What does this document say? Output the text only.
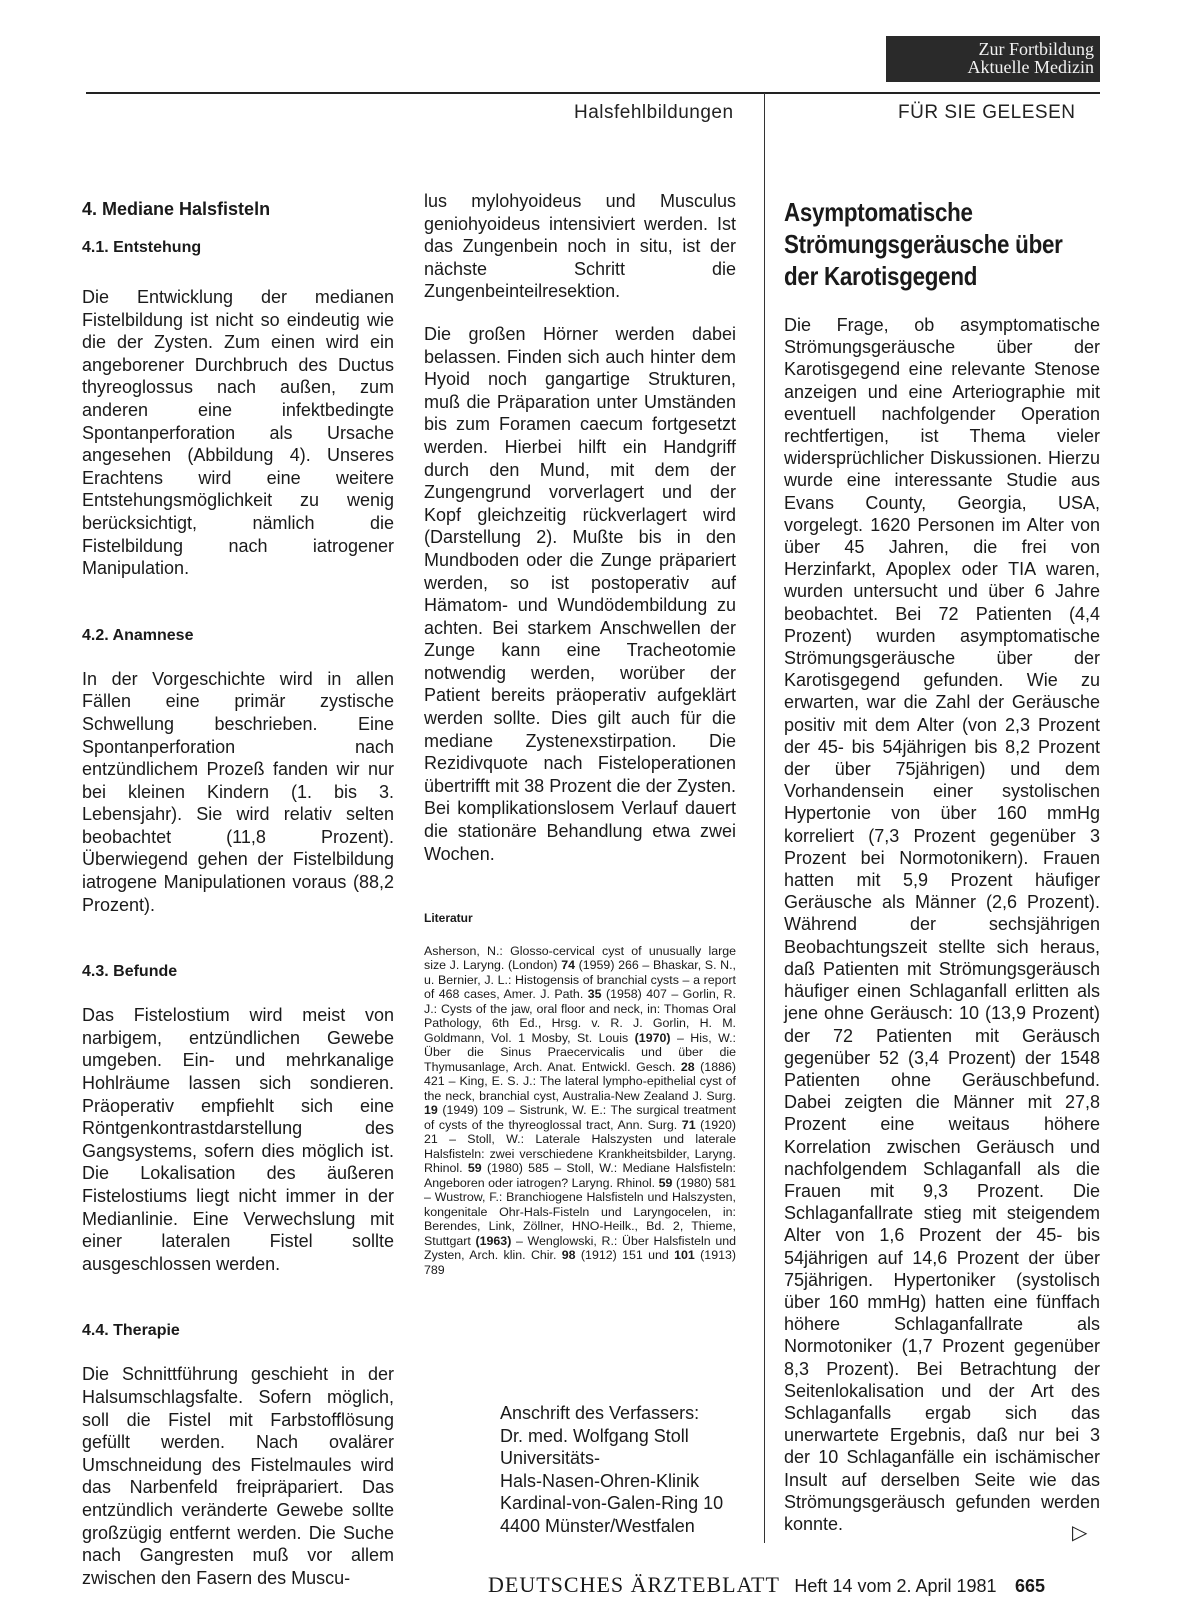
Zur Fortbildung
Aktuelle Medizin
Halsfehlbildungen	FÜR SIE GELESEN
4. Mediane Halsfisteln
4.1. Entstehung

Die Entwicklung der medianen Fistelbildung ist nicht so eindeutig wie die der Zysten. Zum einen wird ein angeborener Durchbruch des Ductus thyreoglossus nach außen, zum anderen eine infektbedingte Spontanperforation als Ursache angesehen (Abbildung 4). Unseres Erachtens wird eine weitere Entstehungsmöglichkeit zu wenig berücksichtigt, nämlich die Fistelbildung nach iatrogener Manipulation.

4.2. Anamnese

In der Vorgeschichte wird in allen Fällen eine primär zystische Schwellung beschrieben. Eine Spontanperforation nach entzündlichem Prozeß fanden wir nur bei kleinen Kindern (1. bis 3. Lebensjahr). Sie wird relativ selten beobachtet (11,8 Prozent). Überwiegend gehen der Fistelbildung iatrogene Manipulationen voraus (88,2 Prozent).

4.3. Befunde

Das Fistelostium wird meist von narbigem, entzündlichen Gewebe umgeben. Ein- und mehrkanalige Hohlräume lassen sich sondieren. Präoperativ empfiehlt sich eine Röntgenkontrastdarstellung des Gangsystems, sofern dies möglich ist. Die Lokalisation des äußeren Fistelostiums liegt nicht immer in der Medianlinie. Eine Verwechslung mit einer lateralen Fistel sollte ausgeschlossen werden.

4.4. Therapie

Die Schnittführung geschieht in der Halsumschlagsfalte. Sofern möglich, soll die Fistel mit Farbstofflösung gefüllt werden. Nach ovalärer Umschneidung des Fistelmaules wird das Narbenfeld freipräpariert. Das entzündlich veränderte Gewebe sollte großzügig entfernt werden. Die Suche nach Gangresten muß vor allem zwischen den Fasern des Muscu-

lus mylohyoideus und Musculus geniohyoideus intensiviert werden. Ist das Zungenbein noch in situ, ist der nächste Schritt die Zungenbeinteilresektion.

Die großen Hörner werden dabei belassen. Finden sich auch hinter dem Hyoid noch gangartige Strukturen, muß die Präparation unter Umständen bis zum Foramen caecum fortgesetzt werden. Hierbei hilft ein Handgriff durch den Mund, mit dem der Zungengrund vorverlagert und der Kopf gleichzeitig rückverlagert wird (Darstellung 2). Mußte bis in den Mundboden oder die Zunge präpariert werden, so ist postoperativ auf Hämatom- und Wundödembildung zu achten. Bei starkem Anschwellen der Zunge kann eine Tracheotomie notwendig werden, worüber der Patient bereits präoperativ aufgeklärt werden sollte. Dies gilt auch für die mediane Zystenexstirpation. Die Rezidivquote nach Fisteloperationen übertrifft mit 38 Prozent die der Zysten. Bei komplikationslosem Verlauf dauert die stationäre Behandlung etwa zwei Wochen.

Literatur
Asherson, N.: Glosso-cervical cyst of unusually large size J. Laryng. (London) 74 (1959) 266 – Bhaskar, S. N., u. Bernier, J. L.: Histogensis of branchial cysts – a report of 468 cases, Amer. J. Path. 35 (1958) 407 – Gorlin, R. J.: Cysts of the jaw, oral floor and neck, in: Thomas Oral Pathology, 6th Ed., Hrsg. v. R. J. Gorlin, H. M. Goldmann, Vol. 1 Mosby, St. Louis (1970) – His, W.: Über die Sinus Praecervicalis und über die Thymusanlage, Arch. Anat. Entwickl. Gesch. 28 (1886) 421 – King, E. S. J.: The lateral lympho-epithelial cyst of the neck, branchial cyst, Australia-New Zealand J. Surg. 19 (1949) 109 – Sistrunk, W. E.: The surgical treatment of cysts of the thyreoglossal tract, Ann. Surg. 71 (1920) 21 – Stoll, W.: Laterale Halszysten und laterale Halsfisteln: zwei verschiedene Krankheitsbilder, Laryng. Rhinol. 59 (1980) 585 – Stoll, W.: Mediane Halsfisteln: Angeboren oder iatrogen? Laryng. Rhinol. 59 (1980) 581 – Wustrow, F.: Branchiogene Halsfisteln und Halszysten, kongenitale Ohr-Hals-Fisteln und Laryngocelen, in: Berendes, Link, Zöllner, HNO-Heilk., Bd. 2, Thieme, Stuttgart (1963) – Wenglowski, R.: Über Halsfisteln und Zysten, Arch. klin. Chir. 98 (1912) 151 und 101 (1913) 789
Anschrift des Verfassers:
Dr. med. Wolfgang Stoll
Universitäts-
Hals-Nasen-Ohren-Klinik
Kardinal-von-Galen-Ring 10
4400 Münster/Westfalen

Asymptomatische

Strömungsgeräusche über

der Karotisgegend

Die Frage, ob asymptomatische Strömungsgeräusche über der Karotisgegend eine relevante Stenose anzeigen und eine Arteriographie mit eventuell nachfolgender Operation rechtfertigen, ist Thema vieler widersprüchlicher Diskussionen. Hierzu wurde eine interessante Studie aus Evans County, Georgia, USA, vorgelegt. 1620 Personen im Alter von über 45 Jahren, die frei von Herzinfarkt, Apoplex oder TIA waren, wurden untersucht und über 6 Jahre beobachtet. Bei 72 Patienten (4,4 Prozent) wurden asymptomatische Strömungsgeräusche über der Karotisgegend gefunden. Wie zu erwarten, war die Zahl der Geräusche positiv mit dem Alter (von 2,3 Prozent der 45- bis 54jährigen bis 8,2 Prozent der über 75jährigen) und dem Vorhandensein einer systolischen Hypertonie von über 160 mmHg korreliert (7,3 Prozent gegenüber 3 Prozent bei Normotonikern). Frauen hatten mit 5,9 Prozent häufiger Geräusche als Männer (2,6 Prozent). Während der sechsjährigen Beobachtungszeit stellte sich heraus, daß Patienten mit Strömungsgeräusch häufiger einen Schlaganfall erlitten als jene ohne Geräusch: 10 (13,9 Prozent) der 72 Patienten mit Geräusch gegenüber 52 (3,4 Prozent) der 1548 Patienten ohne Geräuschbefund. Dabei zeigten die Männer mit 27,8 Prozent eine weitaus höhere Korrelation zwischen Geräusch und nachfolgendem Schlaganfall als die Frauen mit 9,3 Prozent. Die Schlaganfallrate stieg mit steigendem Alter von 1,6 Prozent der 45- bis 54jährigen auf 14,6 Prozent der über 75jährigen. Hypertoniker (systolisch über 160 mmHg) hatten eine fünffach höhere Schlaganfallrate als Normotoniker (1,7 Prozent gegenüber 8,3 Prozent). Bei Betrachtung der Seitenlokalisation und der Art des Schlaganfalls ergab sich das unerwartete Ergebnis, daß nur bei 3 der 10 Schlaganfälle ein ischämischer Insult auf derselben Seite wie das Strömungsgeräusch gefunden werden konnte.	▷
DEUTSCHES ÄRZTEBLATT Heft 14 vom 2. April 1981 665
